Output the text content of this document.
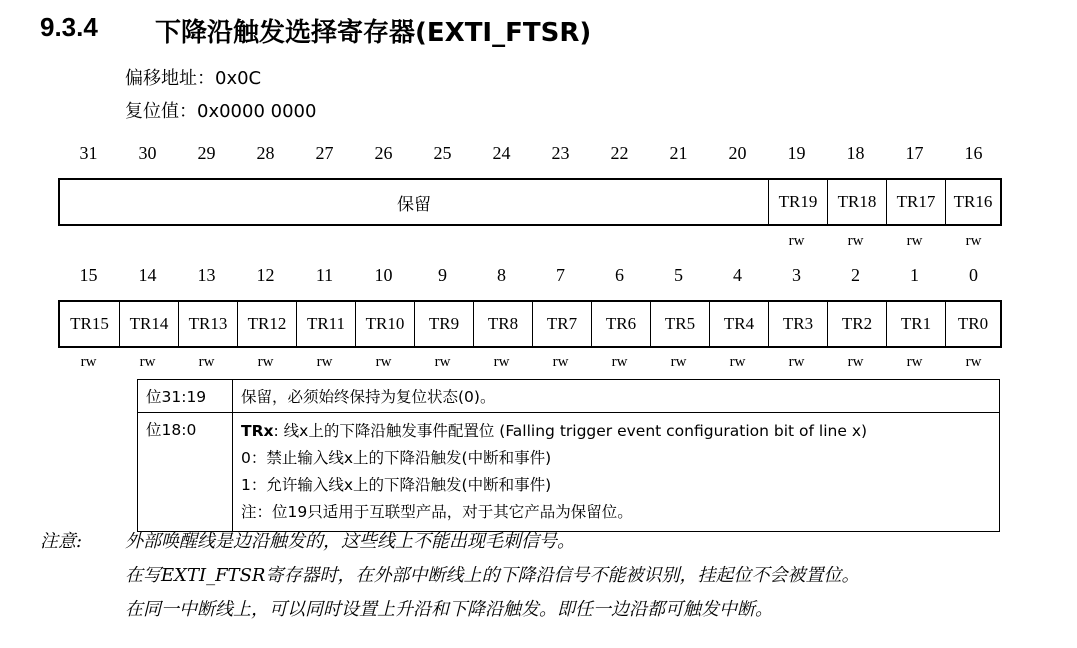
9.3.4 下降沿触发选择寄存器(EXTI_FTSR)
偏移地址：0x0C
复位值：0x0000 0000
31	30	29	28	27	26	25	24	23	22	21	20	19	18	17	16
保留	TR19	TR18	TR17	TR16
rw	rw	rw	rw
15	14	13	12	11	10	9	8	7	6	5	4	3	2	1	0
TR15	TR14	TR13	TR12	TR11	TR10	TR9	TR8	TR7	TR6	TR5	TR4	TR3	TR2	TR1	TR0
rw	rw	rw	rw	rw	rw	rw	rw	rw	rw	rw	rw	rw	rw	rw	rw
位31:19	保留，必须始终保持为复位状态(0)。
位18:0	TRx: 线x上的下降沿触发事件配置位 (Falling trigger event configuration bit of line x)
0：禁止输入线x上的下降沿触发(中断和事件)
1：允许输入线x上的下降沿触发(中断和事件)
注：位19只适用于互联型产品，对于其它产品为保留位。
注意: 外部唤醒线是边沿触发的，这些线上不能出现毛刺信号。
在写EXTI_FTSR寄存器时，在外部中断线上的下降沿信号不能被识别，挂起位不会被置位。
在同一中断线上，可以同时设置上升沿和下降沿触发。即任一边沿都可触发中断。
